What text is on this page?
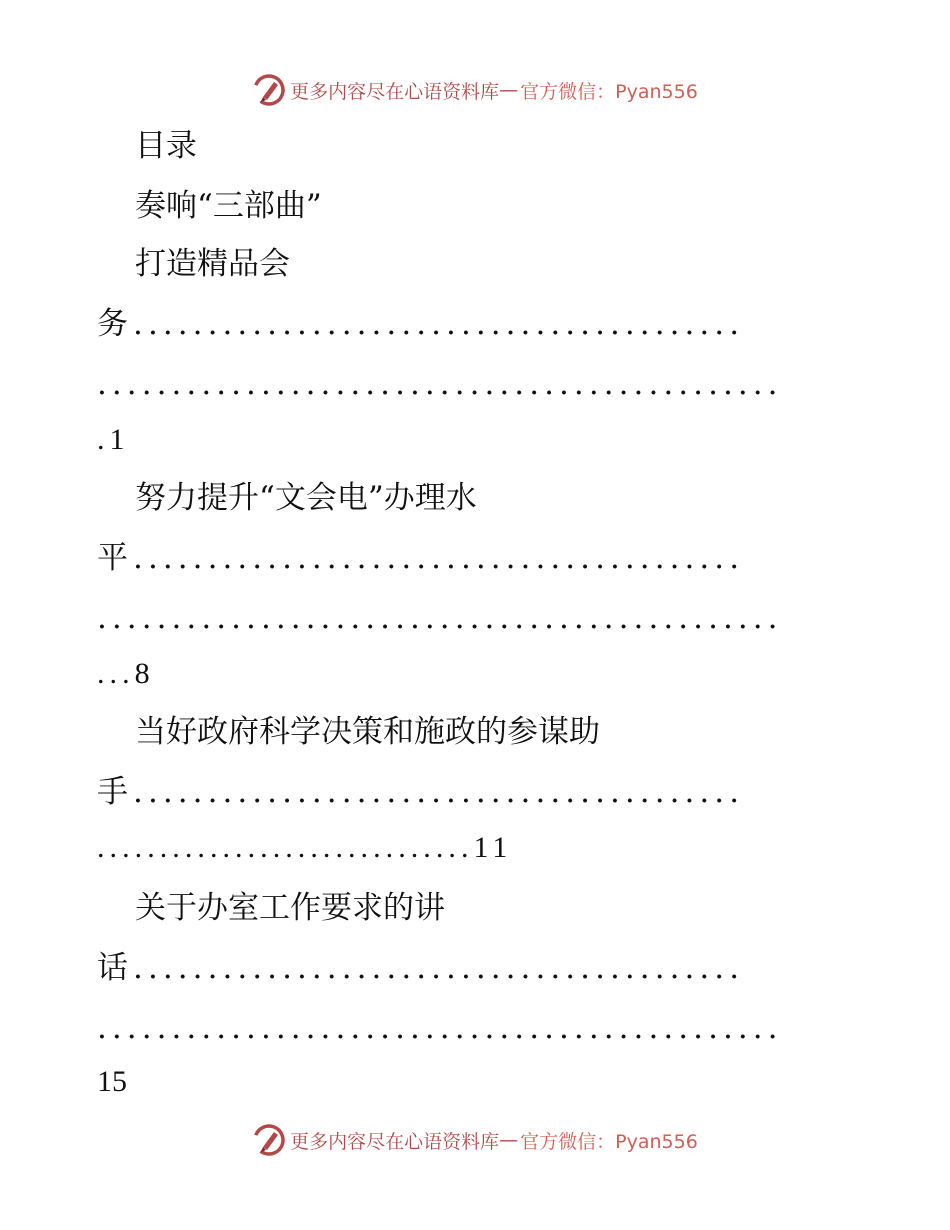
更多内容尽在心语资料库 — 官方微信：Pyan556
目录
奏响“三部曲”
打造精品会
务.........................................
..............................................
.1
努力提升“文会电”办理水
平.........................................
..............................................
...8
当好政府科学决策和施政的参谋助
手.........................................
..............................11
关于办室工作要求的讲
话.........................................
..............................................
15
更多内容尽在心语资料库 — 官方微信：Pyan556
